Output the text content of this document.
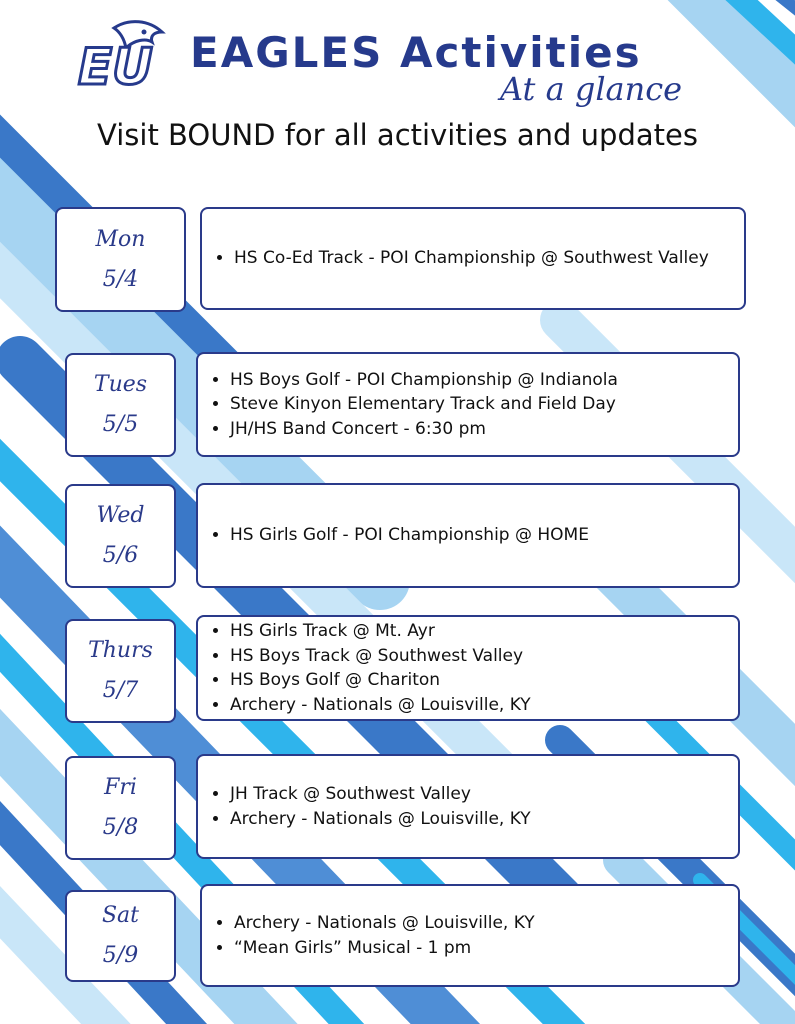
EU EAGLES Activities
At a glance
Visit BOUND for all activities and updates
Mon
5/4
• HS Co-Ed Track - POI Championship @ Southwest Valley
Tues
5/5
• HS Boys Golf - POI Championship @ Indianola
• Steve Kinyon Elementary Track and Field Day
• JH/HS Band Concert - 6:30 pm
Wed
5/6
• HS Girls Golf - POI Championship @ HOME
Thurs
5/7
• HS Girls Track @ Mt. Ayr
• HS Boys Track @ Southwest Valley
• HS Boys Golf @ Chariton
• Archery - Nationals @ Louisville, KY
Fri
5/8
• JH Track @ Southwest Valley
• Archery - Nationals @ Louisville, KY
Sat
5/9
• Archery - Nationals @ Louisville, KY
• “Mean Girls” Musical - 1 pm
